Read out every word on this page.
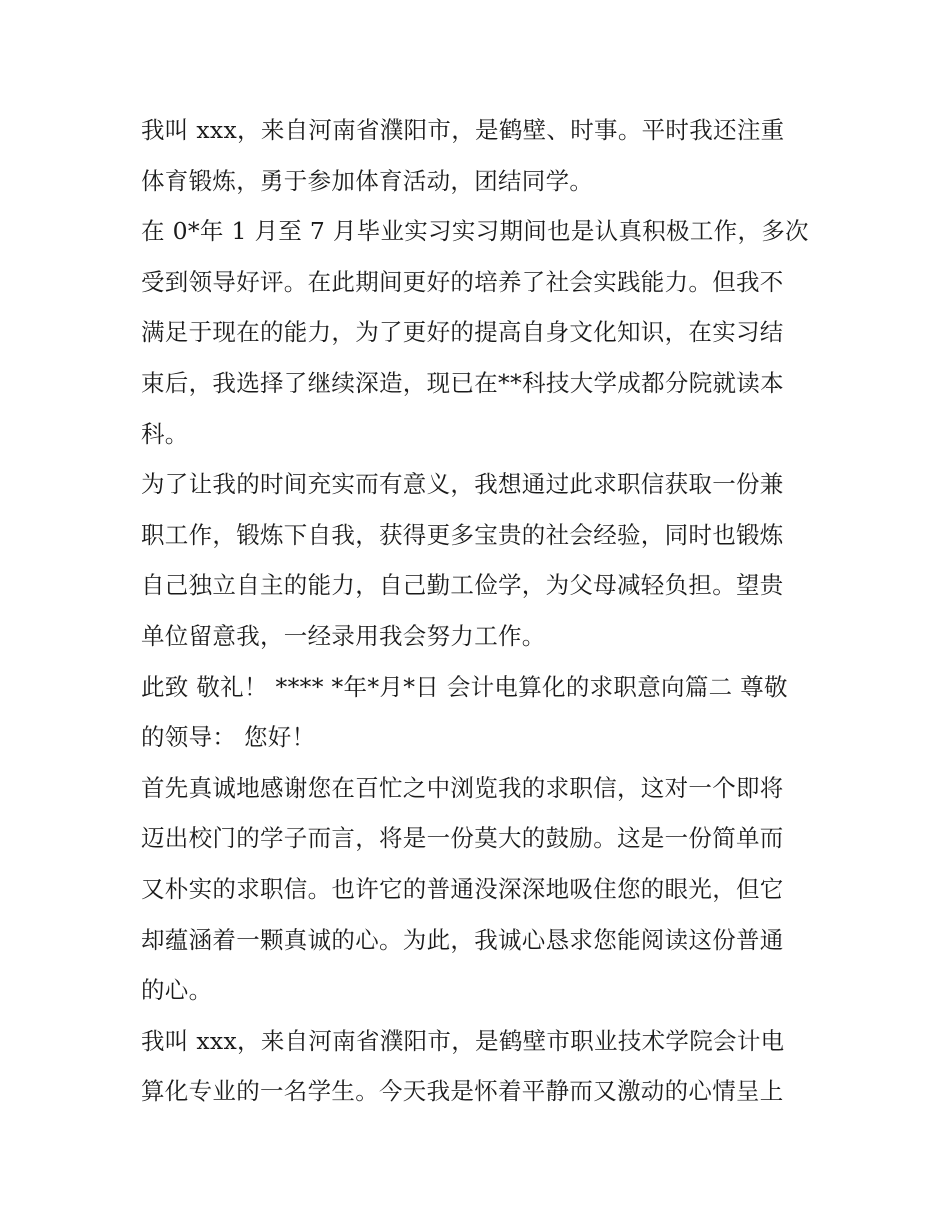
我叫 xxx，来自河南省濮阳市，是鹤壁、时事。平时我还注重
体育锻炼，勇于参加体育活动，团结同学。
在 0*年 1 月至 7 月毕业实习实习期间也是认真积极工作，多次
受到领导好评。在此期间更好的培养了社会实践能力。但我不
满足于现在的能力，为了更好的提高自身文化知识，在实习结
束后，我选择了继续深造，现已在**科技大学成都分院就读本
科。
为了让我的时间充实而有意义，我想通过此求职信获取一份兼
职工作，锻炼下自我，获得更多宝贵的社会经验，同时也锻炼
自己独立自主的能力，自己勤工俭学，为父母减轻负担。望贵
单位留意我，一经录用我会努力工作。
此致 敬礼！ **** *年*月*日 会计电算化的求职意向篇二 尊敬
的领导： 您好！
首先真诚地感谢您在百忙之中浏览我的求职信，这对一个即将
迈出校门的学子而言，将是一份莫大的鼓励。这是一份简单而
又朴实的求职信。也许它的普通没深深地吸住您的眼光，但它
却蕴涵着一颗真诚的心。为此，我诚心恳求您能阅读这份普通
的心。
我叫 xxx，来自河南省濮阳市，是鹤壁市职业技术学院会计电
算化专业的一名学生。今天我是怀着平静而又激动的心情呈上
